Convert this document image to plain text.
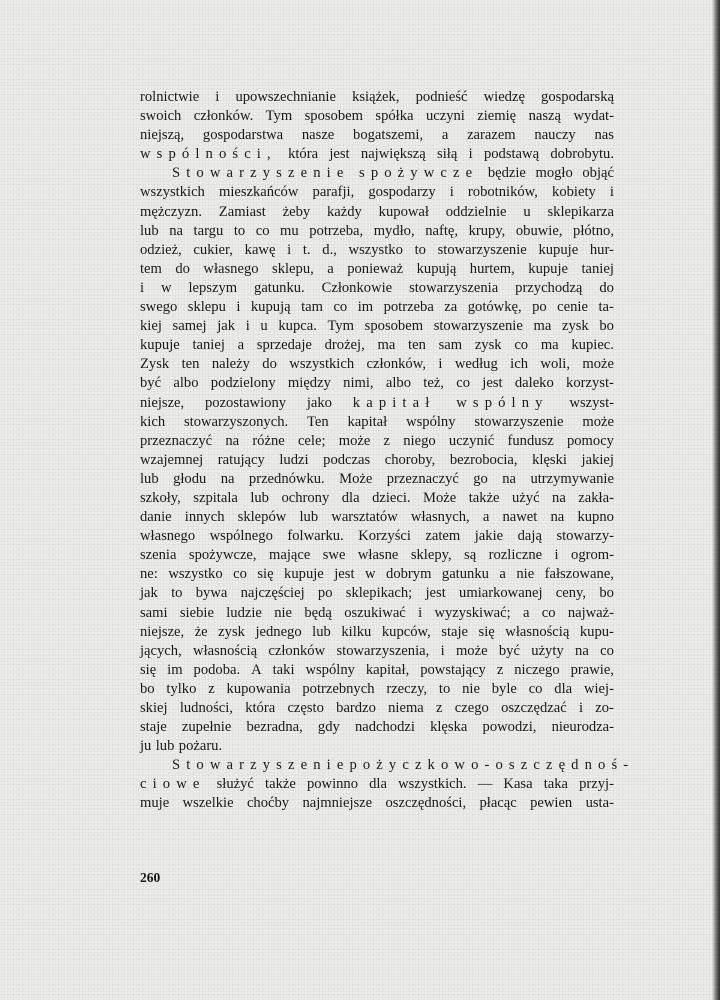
rolnictwie i upowszechnianie książek, podnieść wiedzę gospodarską
swoich członków. Tym sposobem spółka uczyni ziemię naszą wydat-
niejszą, gospodarstwa nasze bogatszemi, a zarazem nauczy nas
wspólności, która jest największą siłą i podstawą dobrobytu.
Stowarzyszenie spożywcze będzie mogło objąć
wszystkich mieszkańców parafji, gospodarzy i robotników, kobiety i
mężczyzn. Zamiast żeby każdy kupował oddzielnie u sklepikarza
lub na targu to co mu potrzeba, mydło, naftę, krupy, obuwie, płótno,
odzież, cukier, kawę i t. d., wszystko to stowarzyszenie kupuje hur-
tem do własnego sklepu, a ponieważ kupują hurtem, kupuje taniej
i w lepszym gatunku. Członkowie stowarzyszenia przychodzą do
swego sklepu i kupują tam co im potrzeba za gotówkę, po cenie ta-
kiej samej jak i u kupca. Tym sposobem stowarzyszenie ma zysk bo
kupuje taniej a sprzedaje drożej, ma ten sam zysk co ma kupiec.
Zysk ten należy do wszystkich członków, i według ich woli, może
być albo podzielony między nimi, albo też, co jest daleko korzyst-
niejsze, pozostawiony jako kapitał wspólny wszyst-
kich stowarzyszonych. Ten kapitał wspólny stowarzyszenie może
przeznaczyć na różne cele; może z niego uczynić fundusz pomocy
wzajemnej ratujący ludzi podczas choroby, bezrobocia, klęski jakiej
lub głodu na przednówku. Może przeznaczyć go na utrzymywanie
szkoły, szpitala lub ochrony dla dzieci. Może także użyć na zakła-
danie innych sklepów lub warsztatów własnych, a nawet na kupno
własnego wspólnego folwarku. Korzyści zatem jakie dają stowarzy-
szenia spożywcze, mające swe własne sklepy, są rozliczne i ogrom-
ne: wszystko co się kupuje jest w dobrym gatunku a nie fałszowane,
jak to bywa najczęściej po sklepikach; jest umiarkowanej ceny, bo
sami siebie ludzie nie będą oszukiwać i wyzyskiwać; a co najważ-
niejsze, że zysk jednego lub kilku kupców, staje się własnością kupu-
jących, własnością członków stowarzyszenia, i może być użyty na co
się im podoba. A taki wspólny kapitał, powstający z niczego prawie,
bo tylko z kupowania potrzebnych rzeczy, to nie byle co dla wiej-
skiej ludności, która często bardzo niema z czego oszczędzać i zo-
staje zupełnie bezradna, gdy nadchodzi klęska powodzi, nieurodza-
ju lub pożaru.
Stowarzyszenie pożyczkowo-oszczędnoś-
ciowe służyć także powinno dla wszystkich. — Kasa taka przyj-
muje wszelkie choćby najmniejsze oszczędności, płacąc pewien usta-
260
